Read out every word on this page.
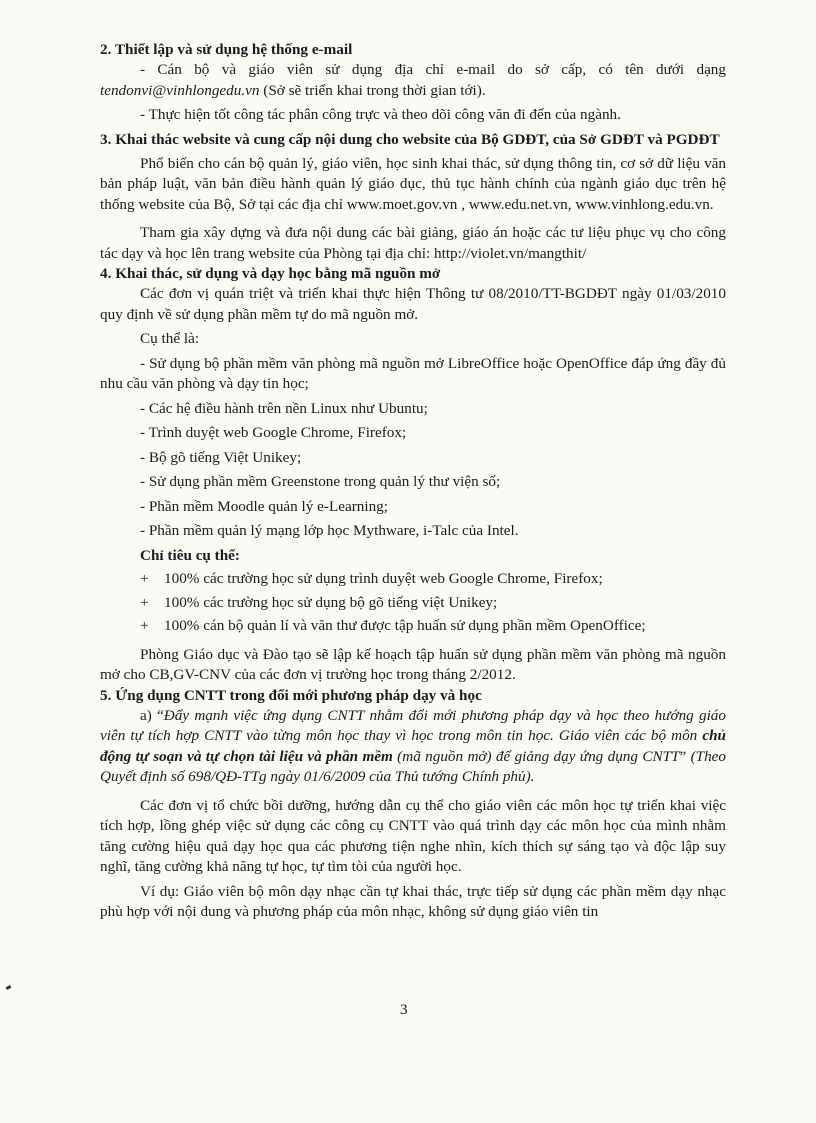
2. Thiết lập và sử dụng hệ thống e-mail

- Cán bộ và giáo viên sử dụng địa chỉ e-mail do sở cấp, có tên dưới dạng tendonvi@vinhlongedu.vn (Sở sẽ triển khai trong thời gian tới).

- Thực hiện tốt công tác phân công trực và theo dõi công văn đi đến của ngành.

3. Khai thác website và cung cấp nội dung cho website của Bộ GDĐT, của Sở GDĐT và PGDĐT

Phổ biến cho cán bộ quản lý, giáo viên, học sinh khai thác, sử dụng thông tin, cơ sở dữ liệu văn bản pháp luật, văn bản điều hành quản lý giáo dục, thủ tục hành chính của ngành giáo dục trên hệ thống website của Bộ, Sở tại các địa chỉ www.moet.gov.vn , www.edu.net.vn, www.vinhlong.edu.vn.

Tham gia xây dựng và đưa nội dung các bài giảng, giáo án hoặc các tư liệu phục vụ cho công tác dạy và học lên trang website của Phòng tại địa chỉ: http://violet.vn/mangthit/

4. Khai thác, sử dụng và dạy học bằng mã nguồn mở

Các đơn vị quán triệt và triển khai thực hiện Thông tư 08/2010/TT-BGDĐT ngày 01/03/2010 quy định về sử dụng phần mềm tự do mã nguồn mở.

Cụ thể là:

- Sử dụng bộ phần mềm văn phòng mã nguồn mở LibreOffice hoặc OpenOffice đáp ứng đầy đủ nhu cầu văn phòng và dạy tin học;

- Các hệ điều hành trên nền Linux như Ubuntu;

- Trình duyệt web Google Chrome, Firefox;

- Bộ gõ tiếng Việt Unikey;

- Sử dụng phần mềm Greenstone trong quản lý thư viện số;

- Phần mềm Moodle quản lý e-Learning;

- Phần mềm quản lý mạng lớp học Mythware, i-Talc của Intel.

Chỉ tiêu cụ thể:

+ 100% các trường học sử dụng trình duyệt web Google Chrome, Firefox;
+ 100% các trường học sử dụng bộ gõ tiếng việt Unikey;
+ 100% cán bộ quản lí và văn thư được tập huấn sử dụng phần mềm OpenOffice;

Phòng Giáo dục và Đào tạo sẽ lập kế hoạch tập huấn sử dụng phần mềm văn phòng mã nguồn mở cho CB,GV-CNV của các đơn vị trường học trong tháng 2/2012.

5. Ứng dụng CNTT trong đổi mới phương pháp dạy và học

a) “Đẩy mạnh việc ứng dụng CNTT nhằm đổi mới phương pháp dạy và học theo hướng giáo viên tự tích hợp CNTT vào từng môn học thay vì học trong môn tin học. Giáo viên các bộ môn chủ động tự soạn và tự chọn tài liệu và phần mềm (mã nguồn mở) để giảng dạy ứng dụng CNTT” (Theo Quyết định số 698/QĐ-TTg ngày 01/6/2009 của Thủ tướng Chính phủ).

Các đơn vị tổ chức bồi dưỡng, hướng dẫn cụ thể cho giáo viên các môn học tự triển khai việc tích hợp, lồng ghép việc sử dụng các công cụ CNTT vào quá trình dạy các môn học của mình nhằm tăng cường hiệu quả dạy học qua các phương tiện nghe nhìn, kích thích sự sáng tạo và độc lập suy nghĩ, tăng cường khả năng tự học, tự tìm tòi của người học.

Ví dụ: Giáo viên bộ môn dạy nhạc cần tự khai thác, trực tiếp sử dụng các phần mềm dạy nhạc phù hợp với nội dung và phương pháp của môn nhạc, không sử dụng giáo viên tin

3
